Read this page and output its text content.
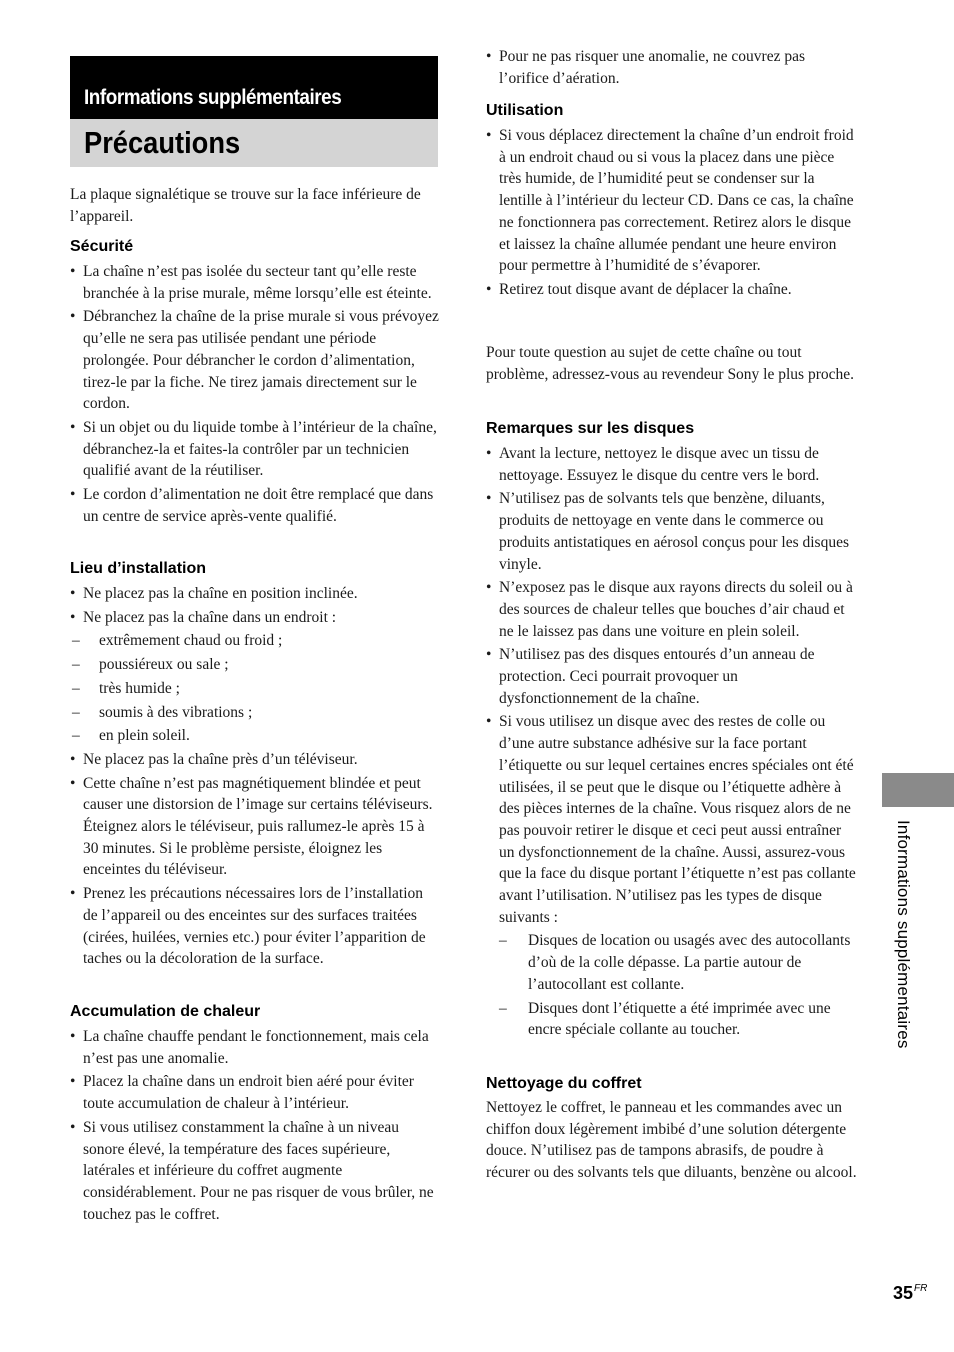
Informations supplémentaires
Précautions

La plaque signalétique se trouve sur la face inférieure de l’appareil.

Sécurité
• La chaîne n’est pas isolée du secteur tant qu’elle reste branchée à la prise murale, même lorsqu’elle est éteinte.
• Débranchez la chaîne de la prise murale si vous prévoyez qu’elle ne sera pas utilisée pendant une période prolongée. Pour débrancher le cordon d’alimentation, tirez-le par la fiche. Ne tirez jamais directement sur le cordon.
• Si un objet ou du liquide tombe à l’intérieur de la chaîne, débranchez-la et faites-la contrôler par un technicien qualifié avant de la réutiliser.
• Le cordon d’alimentation ne doit être remplacé que dans un centre de service après-vente qualifié.
Lieu d’installation
• Ne placez pas la chaîne en position inclinée.
• Ne placez pas la chaîne dans un endroit :
– extrêmement chaud ou froid ;
– poussiéreux ou sale ;
– très humide ;
– soumis à des vibrations ;
– en plein soleil.
• Ne placez pas la chaîne près d’un téléviseur.
• Cette chaîne n’est pas magnétiquement blindée et peut causer une distorsion de l’image sur certains téléviseurs. Éteignez alors le téléviseur, puis rallumez-le après 15 à 30 minutes. Si le problème persiste, éloignez les enceintes du téléviseur.
• Prenez les précautions nécessaires lors de l’installation de l’appareil ou des enceintes sur des surfaces traitées (cirées, huilées, vernies etc.) pour éviter l’apparition de taches ou la décoloration de la surface.
Accumulation de chaleur
• La chaîne chauffe pendant le fonctionnement, mais cela n’est pas une anomalie.
• Placez la chaîne dans un endroit bien aéré pour éviter toute accumulation de chaleur à l’intérieur.
• Si vous utilisez constamment la chaîne à un niveau sonore élevé, la température des faces supérieure, latérales et inférieure du coffret augmente considérablement. Pour ne pas risquer de vous brûler, ne touchez pas le coffret.
• Pour ne pas risquer une anomalie, ne couvrez pas l’orifice d’aération.
Utilisation
• Si vous déplacez directement la chaîne d’un endroit froid à un endroit chaud ou si vous la placez dans une pièce très humide, de l’humidité peut se condenser sur la lentille à l’intérieur du lecteur CD. Dans ce cas, la chaîne ne fonctionnera pas correctement. Retirez alors le disque et laissez la chaîne allumée pendant une heure environ pour permettre à l’humidité de s’évaporer.
• Retirez tout disque avant de déplacer la chaîne.

Pour toute question au sujet de cette chaîne ou tout problème, adressez-vous au revendeur Sony le plus proche.

Remarques sur les disques
• Avant la lecture, nettoyez le disque avec un tissu de nettoyage. Essuyez le disque du centre vers le bord.
• N’utilisez pas de solvants tels que benzène, diluants, produits de nettoyage en vente dans le commerce ou produits antistatiques en aérosol conçus pour les disques vinyle.
• N’exposez pas le disque aux rayons directs du soleil ou à des sources de chaleur telles que bouches d’air chaud et ne le laissez pas dans une voiture en plein soleil.
• N’utilisez pas des disques entourés d’un anneau de protection. Ceci pourrait provoquer un dysfonctionnement de la chaîne.
• Si vous utilisez un disque avec des restes de colle ou d’une autre substance adhésive sur la face portant l’étiquette ou sur lequel certaines encres spéciales ont été utilisées, il se peut que le disque ou l’étiquette adhère à des pièces internes de la chaîne. Vous risquez alors de ne pas pouvoir retirer le disque et ceci peut aussi entraîner un dysfonctionnement de la chaîne. Aussi, assurez-vous que la face du disque portant l’étiquette n’est pas collante avant l’utilisation. N’utilisez pas les types de disque suivants :
– Disques de location ou usagés avec des autocollants d’où de la colle dépasse. La partie autour de l’autocollant est collante.
– Disques dont l’étiquette a été imprimée avec une encre spéciale collante au toucher.
Nettoyage du coffret

Nettoyez le coffret, le panneau et les commandes avec un chiffon doux légèrement imbibé d’une solution détergente douce. N’utilisez pas de tampons abrasifs, de poudre à récurer ou des solvants tels que diluants, benzène ou alcool.

Informations supplémentaires
$35^{FR}$
